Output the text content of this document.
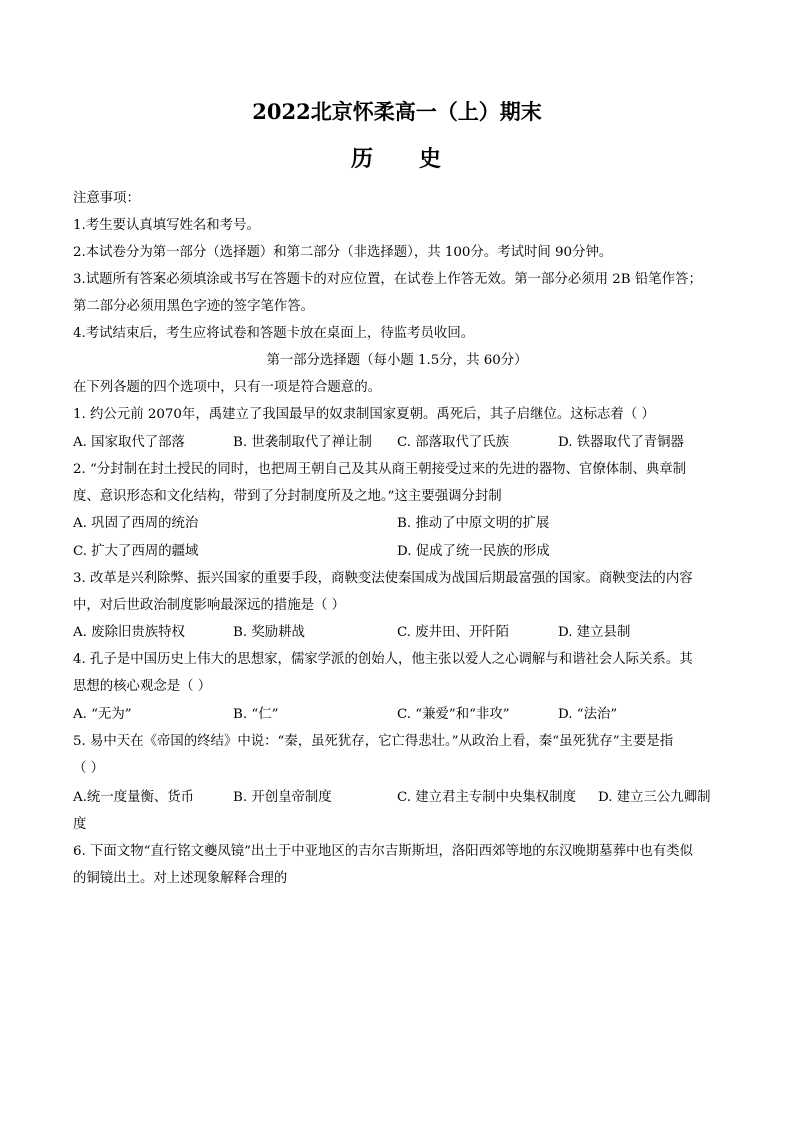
2022北京怀柔高一（上）期末
历 史
注意事项：
1.考生要认真填写姓名和考号。
2.本试卷分为第一部分（选择题）和第二部分（非选择题），共 100分。考试时间 90分钟。
3.试题所有答案必须填涂或书写在答题卡的对应位置，在试卷上作答无效。第一部分必须用 2B 铅笔作答；
第二部分必须用黑色字迹的签字笔作答。
4.考试结束后，考生应将试卷和答题卡放在桌面上，待监考员收回。
第一部分选择题（每小题 1.5分，共 60分）
在下列各题的四个选项中，只有一项是符合题意的。
1. 约公元前 2070年，禹建立了我国最早的奴隶制国家夏朝。禹死后，其子启继位。这标志着（ ）
A. 国家取代了部落	B. 世袭制取代了禅让制 C. 部落取代了氏族	D. 铁器取代了青铜器
2. “分封制在封土授民的同时，也把周王朝自己及其从商王朝接受过来的先进的器物、官僚体制、典章制
度、意识形态和文化结构，带到了分封制度所及之地。”这主要强调分封制
A. 巩固了西周的统治	B. 推动了中原文明的扩展
C. 扩大了西周的疆域	D. 促成了统一民族的形成
3. 改革是兴利除弊、振兴国家的重要手段，商鞅变法使秦国成为战国后期最富强的国家。商鞅变法的内容
中，对后世政治制度影响最深远的措施是（ ）
A. 废除旧贵族特权	B. 奖励耕战	C. 废井田、开阡陌	D. 建立县制
4. 孔子是中国历史上伟大的思想家，儒家学派的创始人，他主张以爱人之心调解与和谐社会人际关系。其
思想的核心观念是（ ）
A. “无为”	B. “仁”	C. “兼爱”和“非攻”	D. “法治”
5. 易中天在《帝国的终结》中说：“秦，虽死犹存，它亡得悲壮。”从政治上看，秦“虽死犹存”主要是指
（ ）
A.统一度量衡、货币	B. 开创皇帝制度	C. 建立君主专制中央集权制度 D. 建立三公九卿制
度
6. 下面文物“直行铭文夔凤镜”出土于中亚地区的吉尔吉斯斯坦，洛阳西郊等地的东汉晚期墓葬中也有类似
的铜镜出土。对上述现象解释合理的
